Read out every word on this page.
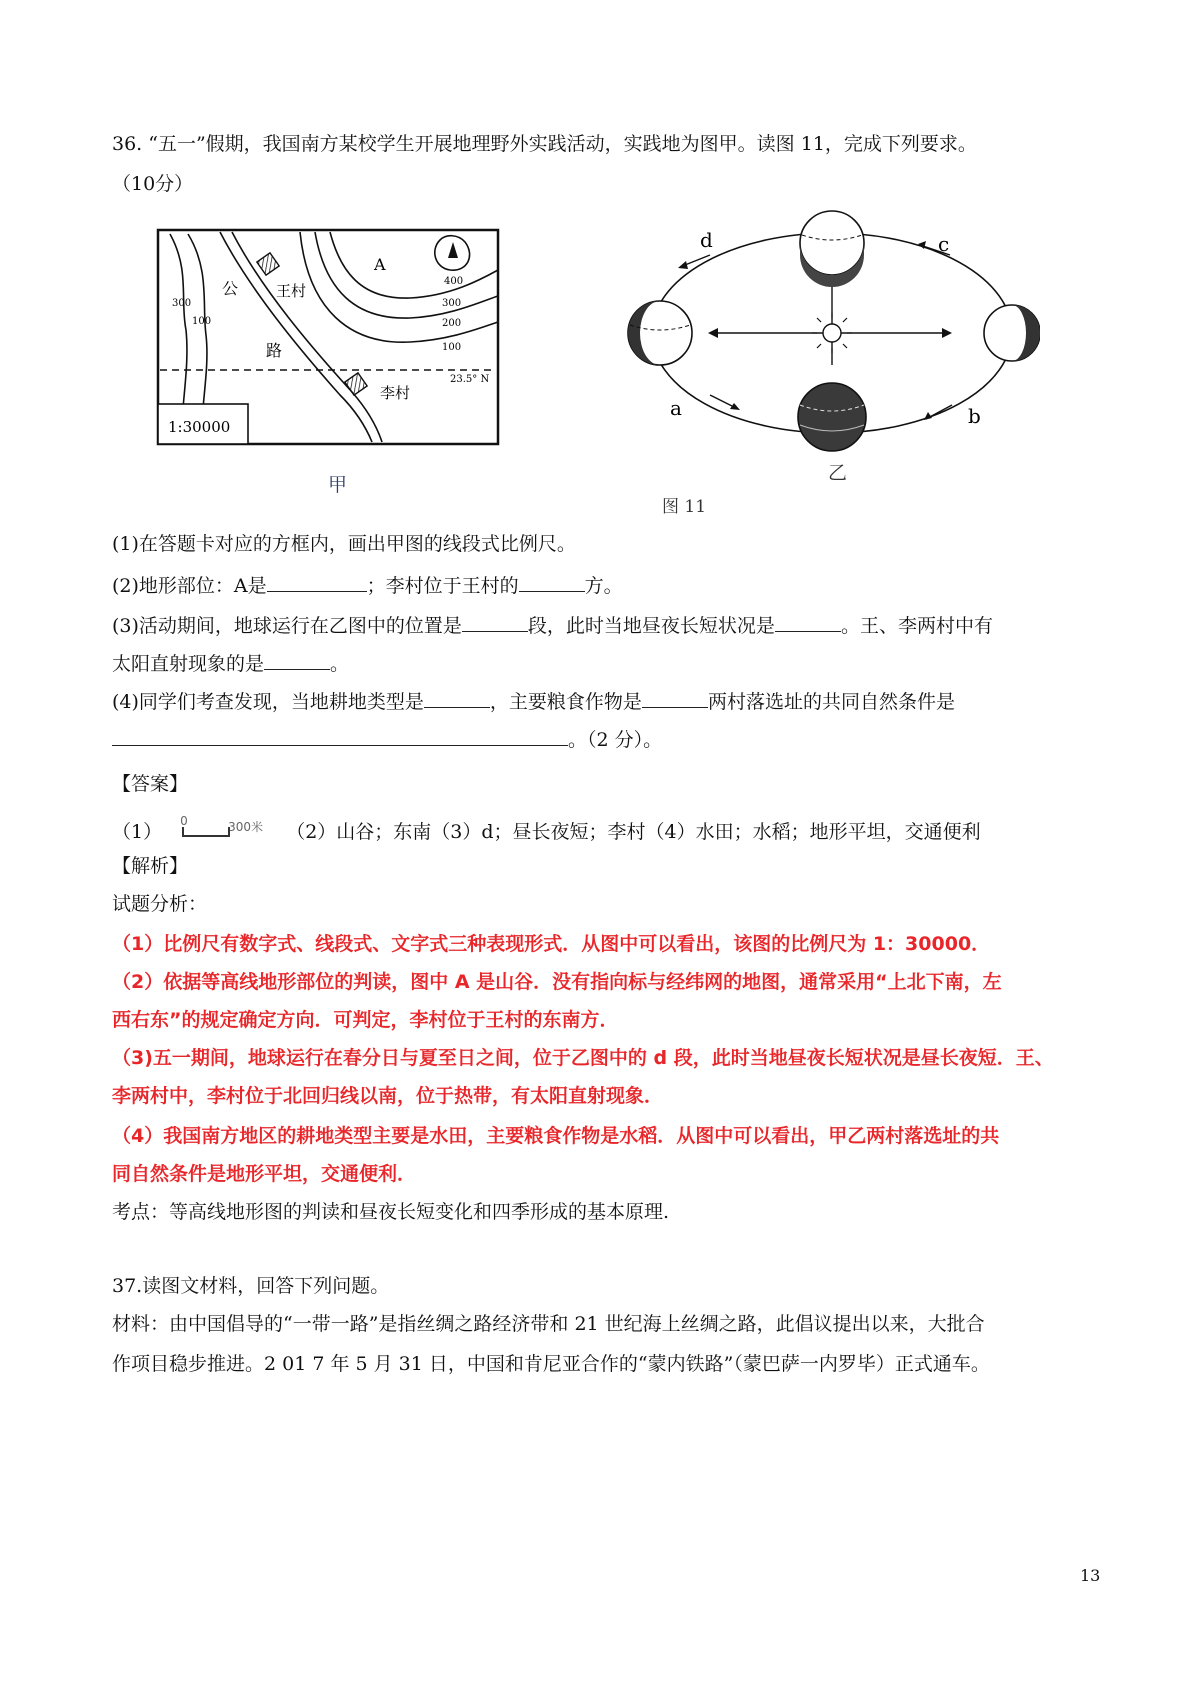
36. “五一”假期，我国南方某校学生开展地理野外实践活动，实践地为图甲。读图 11，完成下列要求。
（10分）
1:30000
300
100
400
300
200
100
A
公
路
王村
李村
23.5° N
甲
d	c
a	b
乙
图 11
(1)在答题卡对应的方框内，画出甲图的线段式比例尺。
(2)地形部位：A是	；李村位于王村的	方。
(3)活动期间，地球运行在乙图中的位置是	段，此时当地昼夜长短状况是	。王、李两村中有
太阳直射现象的是	。
(4)同学们考查发现，当地耕地类型是	，主要粮食作物是	两村落选址的共同自然条件是
。（2 分）。
【答案】
（1） 0	300米 （2）山谷；东南（3）d；昼长夜短；李村（4）水田；水稻；地形平坦，交通便利
【解析】
试题分析：
（1）比例尺有数字式、线段式、文字式三种表现形式．从图中可以看出，该图的比例尺为 1：30000．
（2）依据等高线地形部位的判读，图中 A 是山谷．没有指向标与经纬网的地图，通常采用“上北下南，左
西右东”的规定确定方向．可判定，李村位于王村的东南方．
（3)五一期间，地球运行在春分日与夏至日之间，位于乙图中的 d 段，此时当地昼夜长短状况是昼长夜短．王、
李两村中，李村位于北回归线以南，位于热带，有太阳直射现象．
（4）我国南方地区的耕地类型主要是水田，主要粮食作物是水稻．从图中可以看出，甲乙两村落选址的共
同自然条件是地形平坦，交通便利．
考点：等高线地形图的判读和昼夜长短变化和四季形成的基本原理.
37.读图文材料，回答下列问题。
材料：由中国倡导的“一带一路”是指丝绸之路经济带和 21 世纪海上丝绸之路，此倡议提出以来，大批合
作项目稳步推进。2 01 7 年 5 月 31 日，中国和肯尼亚合作的“蒙内铁路”（蒙巴萨一内罗毕）正式通车。
13
